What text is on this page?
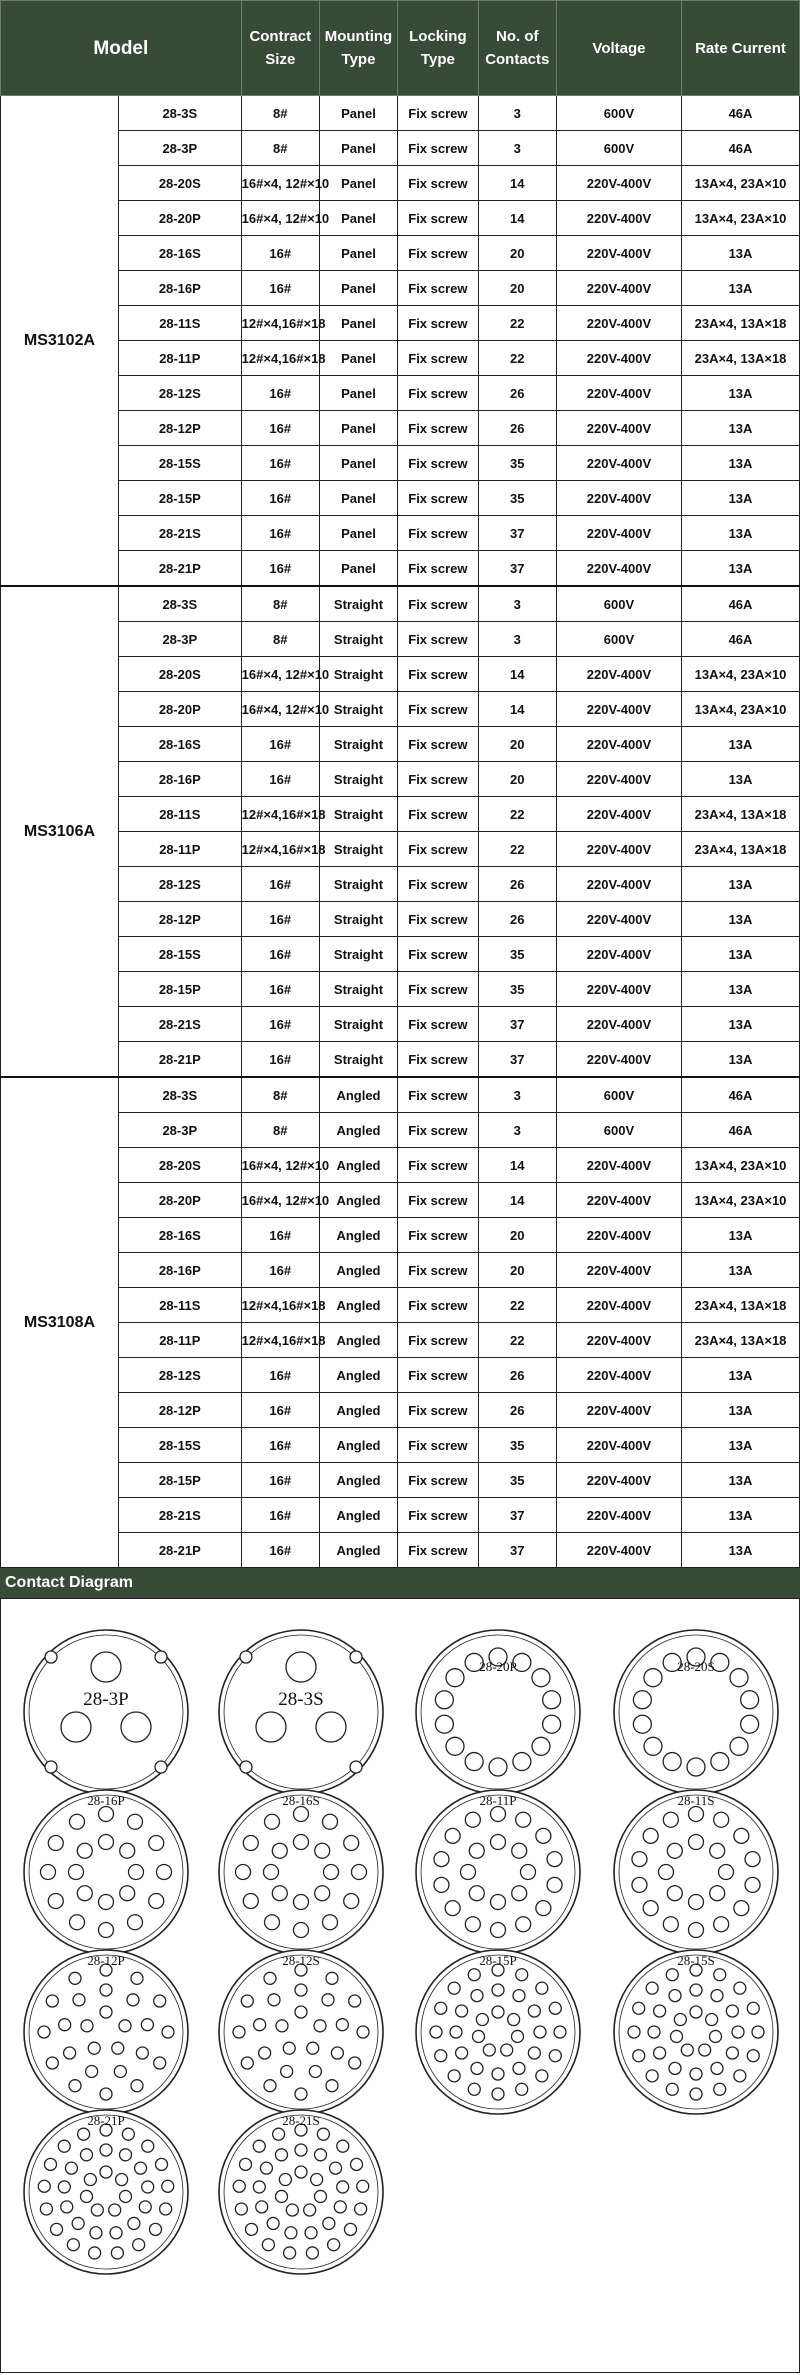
Model		Contract Size	Mounting Type	Locking Type	No. of Contacts	Voltage	Rate Current
MS3102A	28-3S	8#	Panel	Fix screw	3	600V	46A
	28-3P	8#	Panel	Fix screw	3	600V	46A
	28-20S	16#×4, 12#×10	Panel	Fix screw	14	220V-400V	13A×4, 23A×10
	28-20P	16#×4, 12#×10	Panel	Fix screw	14	220V-400V	13A×4, 23A×10
	28-16S	16#	Panel	Fix screw	20	220V-400V	13A
	28-16P	16#	Panel	Fix screw	20	220V-400V	13A
	28-11S	12#×4,16#×18	Panel	Fix screw	22	220V-400V	23A×4, 13A×18
	28-11P	12#×4,16#×18	Panel	Fix screw	22	220V-400V	23A×4, 13A×18
	28-12S	16#	Panel	Fix screw	26	220V-400V	13A
	28-12P	16#	Panel	Fix screw	26	220V-400V	13A
	28-15S	16#	Panel	Fix screw	35	220V-400V	13A
	28-15P	16#	Panel	Fix screw	35	220V-400V	13A
	28-21S	16#	Panel	Fix screw	37	220V-400V	13A
	28-21P	16#	Panel	Fix screw	37	220V-400V	13A
MS3106A	28-3S	8#	Straight	Fix screw	3	600V	46A
	28-3P	8#	Straight	Fix screw	3	600V	46A
	28-20S	16#×4, 12#×10	Straight	Fix screw	14	220V-400V	13A×4, 23A×10
	28-20P	16#×4, 12#×10	Straight	Fix screw	14	220V-400V	13A×4, 23A×10
	28-16S	16#	Straight	Fix screw	20	220V-400V	13A
	28-16P	16#	Straight	Fix screw	20	220V-400V	13A
	28-11S	12#×4,16#×18	Straight	Fix screw	22	220V-400V	23A×4, 13A×18
	28-11P	12#×4,16#×18	Straight	Fix screw	22	220V-400V	23A×4, 13A×18
	28-12S	16#	Straight	Fix screw	26	220V-400V	13A
	28-12P	16#	Straight	Fix screw	26	220V-400V	13A
	28-15S	16#	Straight	Fix screw	35	220V-400V	13A
	28-15P	16#	Straight	Fix screw	35	220V-400V	13A
	28-21S	16#	Straight	Fix screw	37	220V-400V	13A
	28-21P	16#	Straight	Fix screw	37	220V-400V	13A
MS3108A	28-3S	8#	Angled	Fix screw	3	600V	46A
	28-3P	8#	Angled	Fix screw	3	600V	46A
	28-20S	16#×4, 12#×10	Angled	Fix screw	14	220V-400V	13A×4, 23A×10
	28-20P	16#×4, 12#×10	Angled	Fix screw	14	220V-400V	13A×4, 23A×10
	28-16S	16#	Angled	Fix screw	20	220V-400V	13A
	28-16P	16#	Angled	Fix screw	20	220V-400V	13A
	28-11S	12#×4,16#×18	Angled	Fix screw	22	220V-400V	23A×4, 13A×18
	28-11P	12#×4,16#×18	Angled	Fix screw	22	220V-400V	23A×4, 13A×18
	28-12S	16#	Angled	Fix screw	26	220V-400V	13A
	28-12P	16#	Angled	Fix screw	26	220V-400V	13A
	28-15S	16#	Angled	Fix screw	35	220V-400V	13A
	28-15P	16#	Angled	Fix screw	35	220V-400V	13A
	28-21S	16#	Angled	Fix screw	37	220V-400V	13A
	28-21P	16#	Angled	Fix screw	37	220V-400V	13A
Contact Diagram
28-3P	28-3S
28-20P	28-20S
28-16P	28-16S	28-11P	28-11S
28-12P	28-12S	28-15P	28-15S
28-21P	28-21S
